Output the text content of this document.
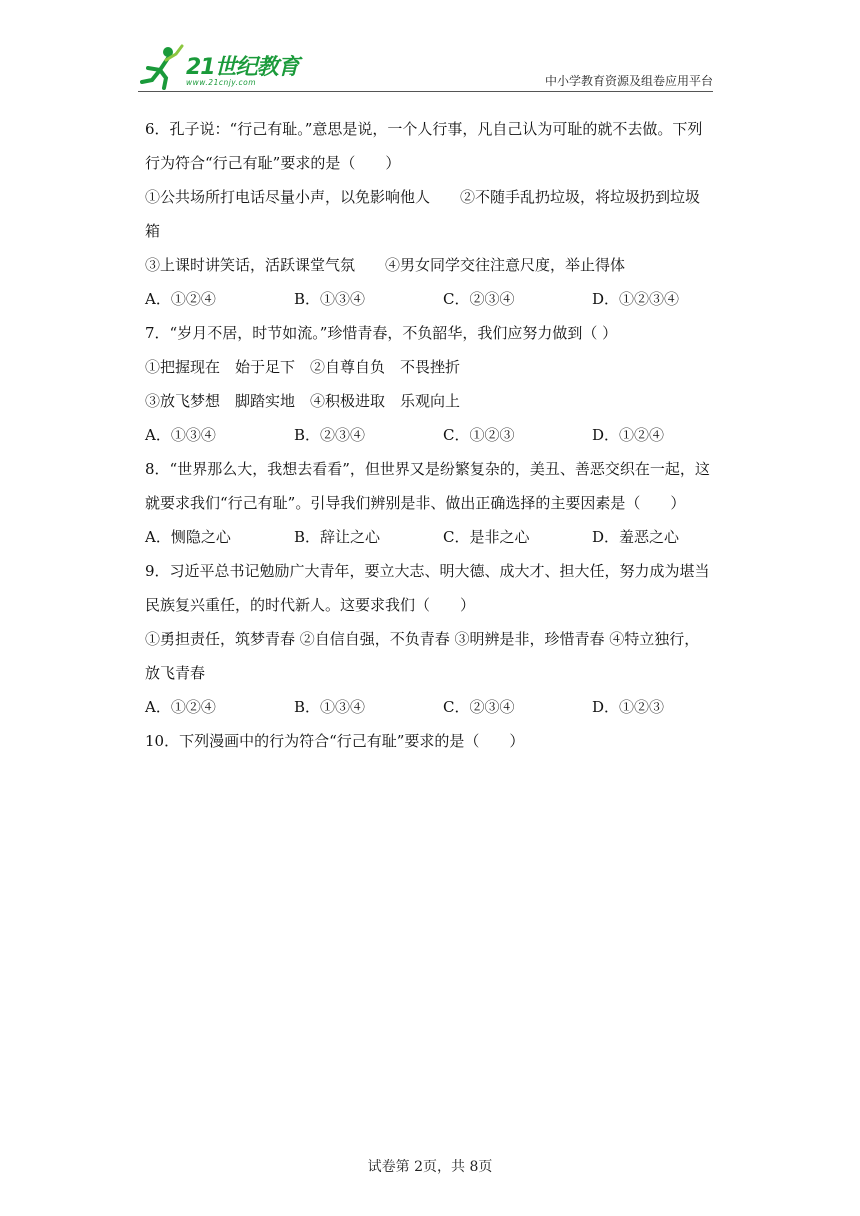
21世纪教育
www.21cnjy.com	中小学教育资源及组卷应用平台
6．孔子说：“行己有耻。”意思是说，一个人行事，凡自己认为可耻的就不去做。下列
行为符合“行己有耻”要求的是（　　）
①公共场所打电话尽量小声，以免影响他人　　②不随手乱扔垃圾，将垃圾扔到垃圾
箱
③上课时讲笑话，活跃课堂气氛　　④男女同学交往注意尺度，举止得体
A．①②④	B．①③④	C．②③④	D．①②③④
7．“岁月不居，时节如流。”珍惜青春，不负韶华，我们应努力做到（ ）
①把握现在　始于足下　②自尊自负　不畏挫折
③放飞梦想　脚踏实地　④积极进取　乐观向上
A．①③④	B．②③④	C．①②③	D．①②④
8．“世界那么大，我想去看看”，但世界又是纷繁复杂的，美丑、善恶交织在一起，这
就要求我们“行己有耻”。引导我们辨别是非、做出正确选择的主要因素是（　　）
A．恻隐之心	B．辞让之心	C．是非之心	D．羞恶之心
9．习近平总书记勉励广大青年，要立大志、明大德、成大才、担大任，努力成为堪当
民族复兴重任，的时代新人。这要求我们（　　）
①勇担责任，筑梦青春 ②自信自强，不负青春 ③明辨是非，珍惜青春 ④特立独行，
放飞青春
A．①②④	B．①③④	C．②③④	D．①②③
10．下列漫画中的行为符合“行己有耻”要求的是（　　）
试卷第 2页，共 8页
